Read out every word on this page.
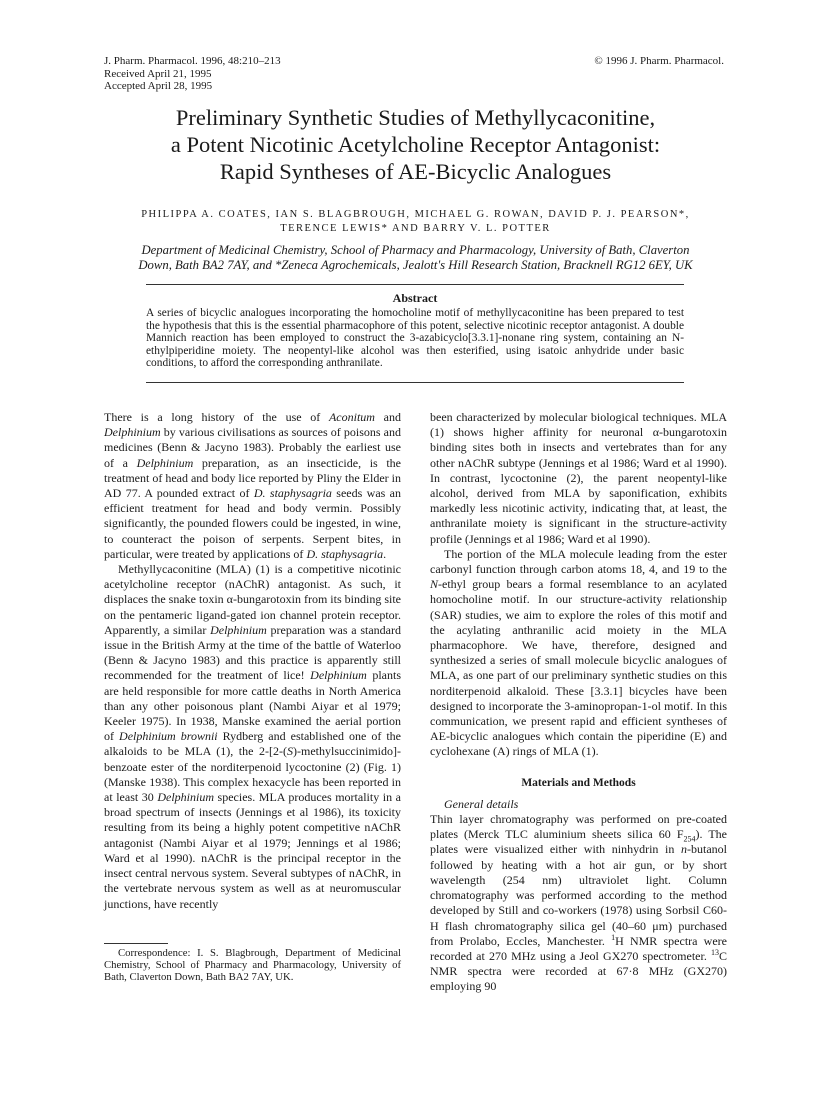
J. Pharm. Pharmacol. 1996, 48:210–213
Received April 21, 1995
Accepted April 28, 1995
© 1996 J. Pharm. Pharmacol.
Preliminary Synthetic Studies of Methyllycaconitine,
a Potent Nicotinic Acetylcholine Receptor Antagonist:
Rapid Syntheses of AE-Bicyclic Analogues
PHILIPPA A. COATES, IAN S. BLAGBROUGH, MICHAEL G. ROWAN, DAVID P. J. PEARSON*,
TERENCE LEWIS* AND BARRY V. L. POTTER
Department of Medicinal Chemistry, School of Pharmacy and Pharmacology, University of Bath, Claverton
Down, Bath BA2 7AY, and *Zeneca Agrochemicals, Jealott's Hill Research Station, Bracknell RG12 6EY, UK
Abstract
A series of bicyclic analogues incorporating the homocholine motif of methyllycaconitine has been prepared to test the hypothesis that this is the essential pharmacophore of this potent, selective nicotinic receptor antagonist. A double Mannich reaction has been employed to construct the 3-azabicyclo[3.3.1]-nonane ring system, containing an N-ethylpiperidine moiety. The neopentyl-like alcohol was then esterified, using isatoic anhydride under basic conditions, to afford the corresponding anthranilate.

There is a long history of the use of Aconitum and Delphinium by various civilisations as sources of poisons and medicines (Benn & Jacyno 1983). Probably the earliest use of a Delphinium preparation, as an insecticide, is the treatment of head and body lice reported by Pliny the Elder in AD 77. A pounded extract of D. staphysagria seeds was an efficient treatment for head and body vermin. Possibly significantly, the pounded flowers could be ingested, in wine, to counteract the poison of serpents. Serpent bites, in particular, were treated by applications of D. staphysagria.

Methyllycaconitine (MLA) (1) is a competitive nicotinic acetylcholine receptor (nAChR) antagonist. As such, it displaces the snake toxin α-bungarotoxin from its binding site on the pentameric ligand-gated ion channel protein receptor. Apparently, a similar Delphinium preparation was a standard issue in the British Army at the time of the battle of Waterloo (Benn & Jacyno 1983) and this practice is apparently still recommended for the treatment of lice! Delphinium plants are held responsible for more cattle deaths in North America than any other poisonous plant (Nambi Aiyar et al 1979; Keeler 1975). In 1938, Manske examined the aerial portion of Delphinium brownii Rydberg and established one of the alkaloids to be MLA (1), the 2-[2-(S)-methylsuccinimido]-benzoate ester of the norditerpenoid lycoctonine (2) (Fig. 1) (Manske 1938). This complex hexacycle has been reported in at least 30 Delphinium species. MLA produces mortality in a broad spectrum of insects (Jennings et al 1986), its toxicity resulting from its being a highly potent competitive nAChR antagonist (Nambi Aiyar et al 1979; Jennings et al 1986; Ward et al 1990). nAChR is the principal receptor in the insect central nervous system. Several subtypes of nAChR, in the vertebrate nervous system as well as at neuromuscular junctions, have recently

Correspondence: I. S. Blagbrough, Department of Medicinal Chemistry, School of Pharmacy and Pharmacology, University of Bath, Claverton Down, Bath BA2 7AY, UK.

been characterized by molecular biological techniques. MLA (1) shows higher affinity for neuronal α-bungarotoxin binding sites both in insects and vertebrates than for any other nAChR subtype (Jennings et al 1986; Ward et al 1990). In contrast, lycoctonine (2), the parent neopentyl-like alcohol, derived from MLA by saponification, exhibits markedly less nicotinic activity, indicating that, at least, the anthranilate moiety is significant in the structure-activity profile (Jennings et al 1986; Ward et al 1990).

The portion of the MLA molecule leading from the ester carbonyl function through carbon atoms 18, 4, and 19 to the N-ethyl group bears a formal resemblance to an acylated homocholine motif. In our structure-activity relationship (SAR) studies, we aim to explore the roles of this motif and the acylating anthranilic acid moiety in the MLA pharmacophore. We have, therefore, designed and synthesized a series of small molecule bicyclic analogues of MLA, as one part of our preliminary synthetic studies on this norditerpenoid alkaloid. These [3.3.1] bicycles have been designed to incorporate the 3-aminopropan-1-ol motif. In this communication, we present rapid and efficient syntheses of AE-bicyclic analogues which contain the piperidine (E) and cyclohexane (A) rings of MLA (1).

Materials and Methods

General details

Thin layer chromatography was performed on pre-coated plates (Merck TLC aluminium sheets silica 60 $F_{254}$). The plates were visualized either with ninhydrin in n-butanol followed by heating with a hot air gun, or by short wavelength (254 nm) ultraviolet light. Column chromatography was performed according to the method developed by Still and co-workers (1978) using Sorbsil C60-H flash chromatography silica gel (40–60 μm) purchased from Prolabo, Eccles, Manchester. $^1$H NMR spectra were recorded at 270 MHz using a Jeol GX270 spectrometer. $^{13}$C NMR spectra were recorded at 67·8 MHz (GX270) employing 90
